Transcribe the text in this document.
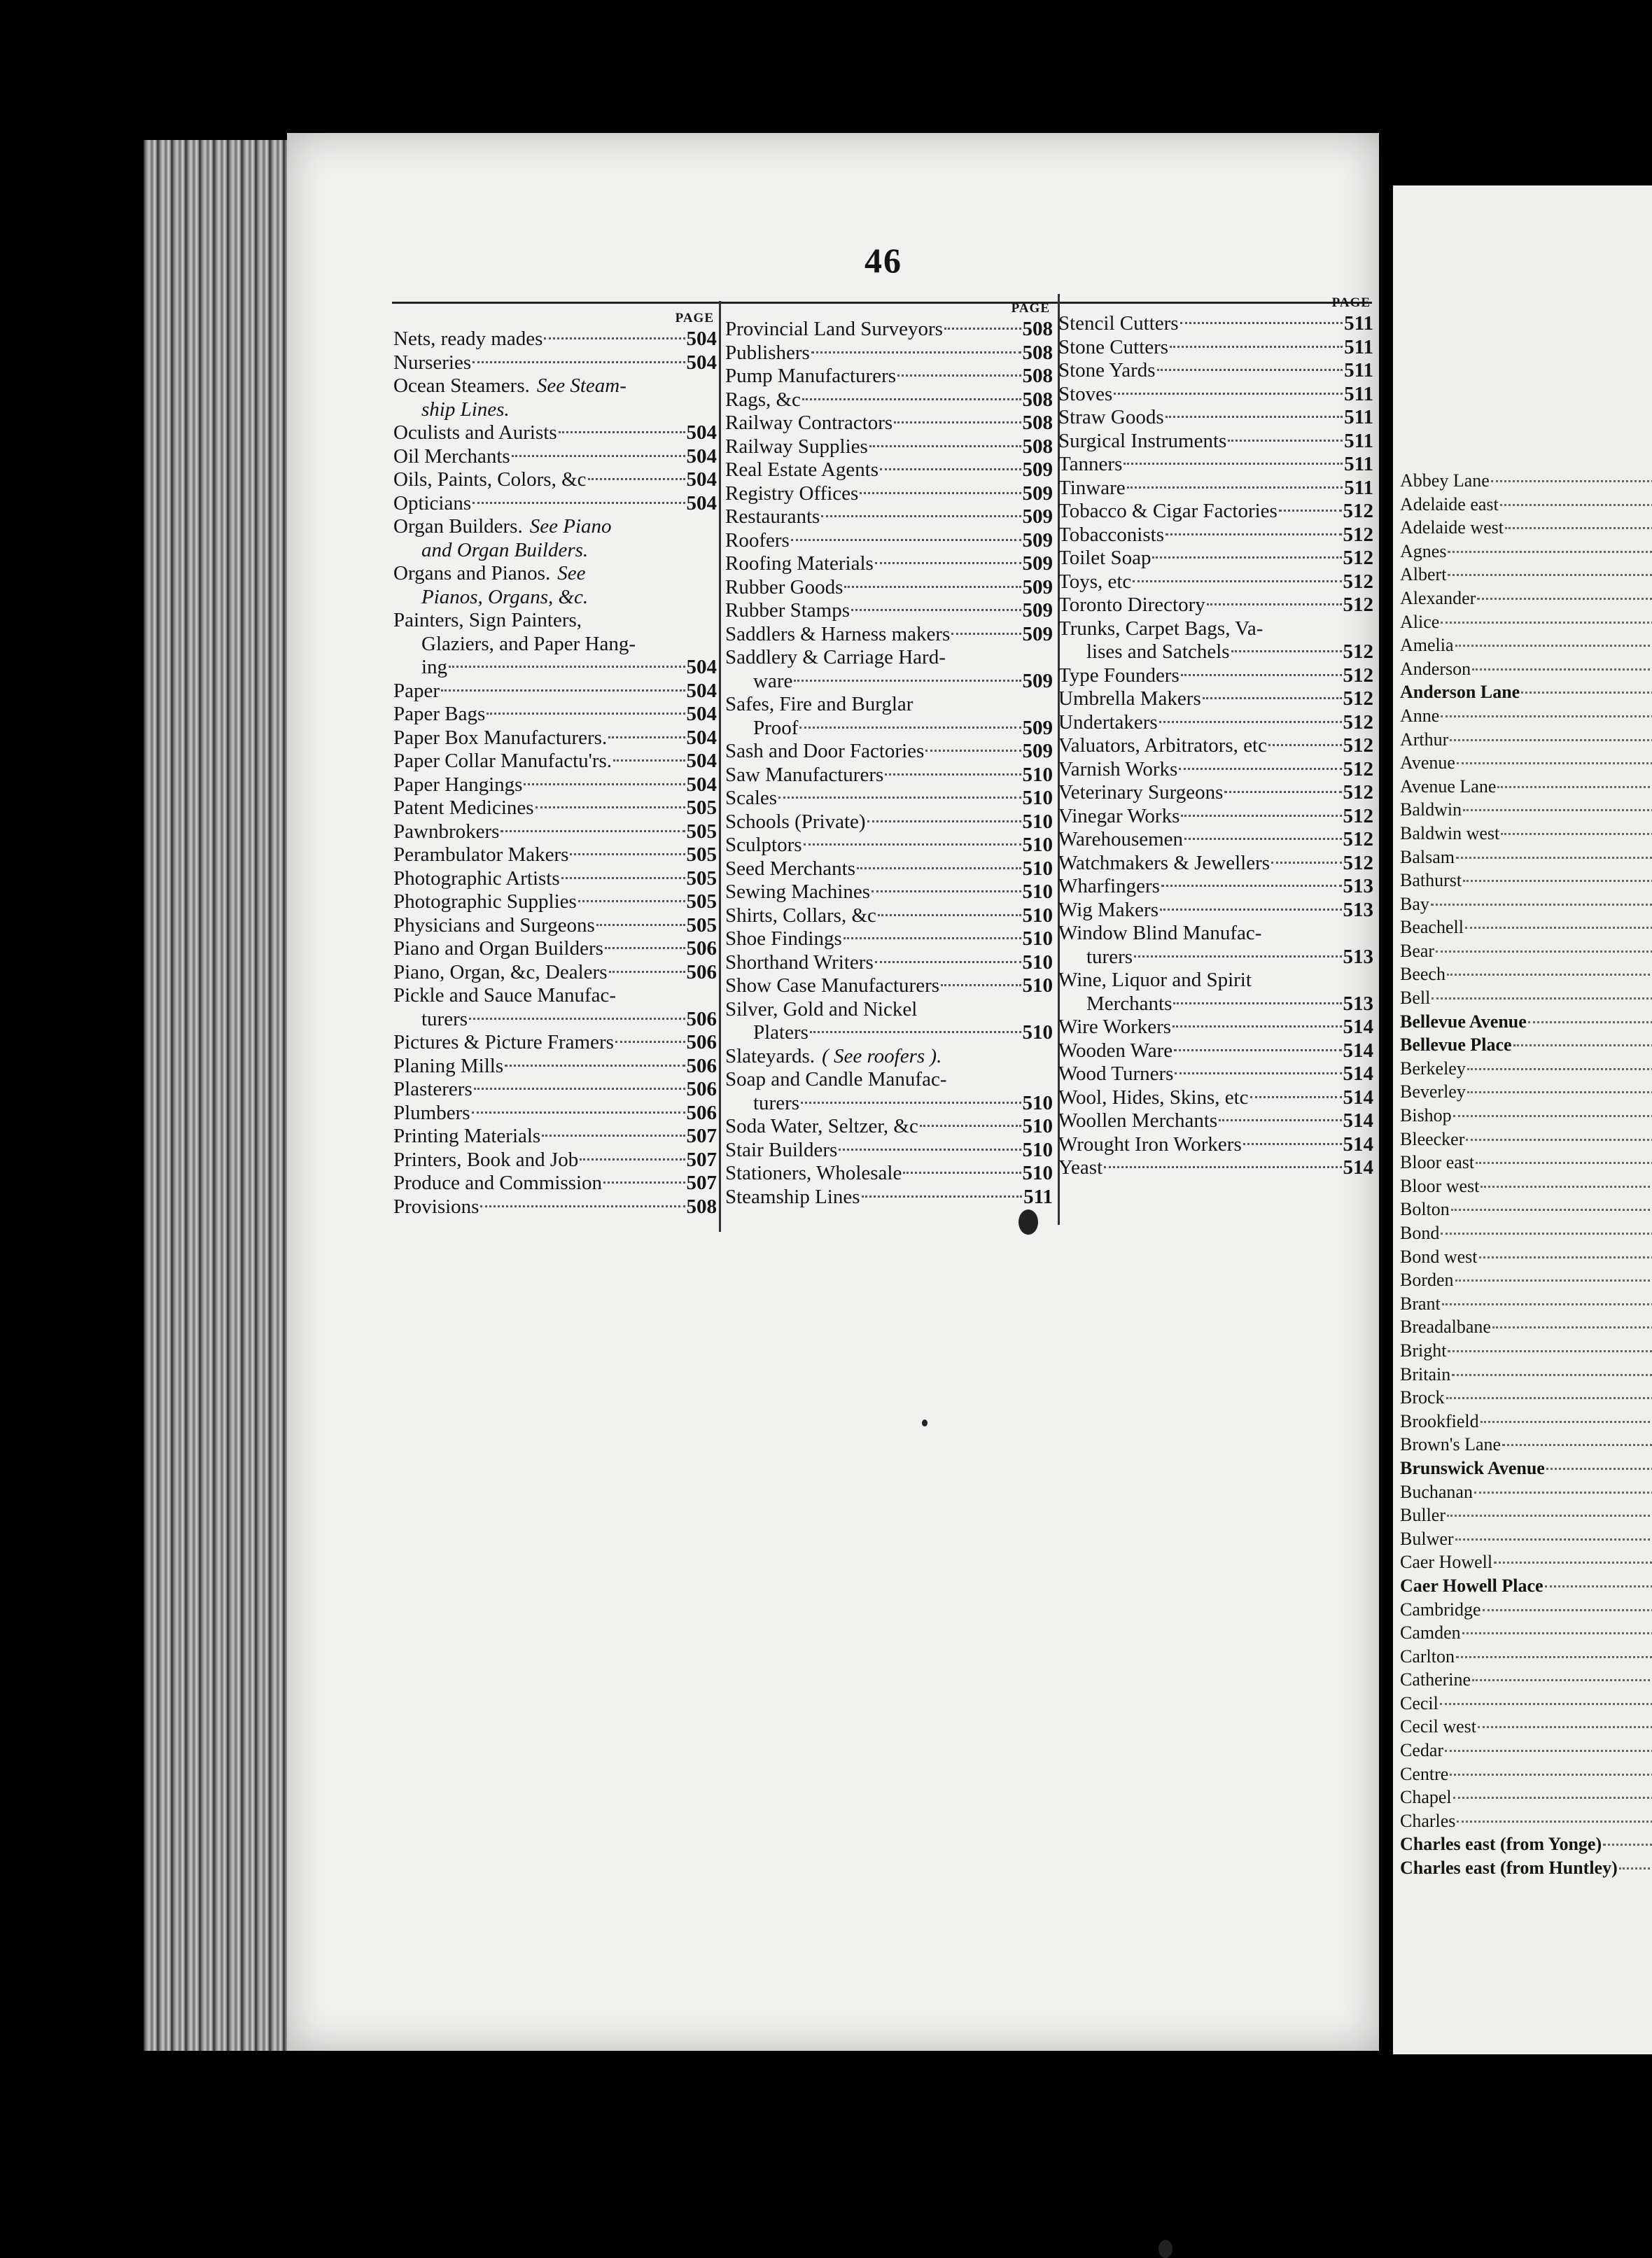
Abbey Lane
Adelaide east
Adelaide west
Agnes
Albert
Alexander
Alice
Amelia
Anderson
Anderson Lane
Anne
Arthur
Avenue
Avenue Lane
Baldwin
Baldwin west
Balsam
Bathurst
Bay
Beachell
Bear
Beech
Bell
Bellevue Avenue
Bellevue Place
Berkeley
Beverley
Bishop
Bleecker
Bloor east
Bloor west
Bolton
Bond
Bond west
Borden
Brant
Breadalbane
Bright
Britain
Brock
Brookfield
Brown's Lane
Brunswick Avenue
Buchanan
Buller
Bulwer
Caer Howell
Caer Howell Place
Cambridge
Camden
Carlton
Catherine
Cecil
Cecil west
Cedar
Centre
Chapel
Charles
Charles east (from Yonge)
Charles east (from Huntley)
46
PAGE
Nets, ready mades	504
Nurseries	504
Ocean Steamers. See Steam-
ship Lines.
Oculists and Aurists	504
Oil Merchants	504
Oils, Paints, Colors, &c	504
Opticians	504
Organ Builders. See Piano
and Organ Builders.
Organs and Pianos. See
Pianos, Organs, &c.
Painters, Sign Painters,
Glaziers, and Paper Hang-
ing	504
Paper	504
Paper Bags	504
Paper Box Manufacturers.	504
Paper Collar Manufactu'rs.	504
Paper Hangings	504
Patent Medicines	505
Pawnbrokers	505
Perambulator Makers	505
Photographic Artists	505
Photographic Supplies	505
Physicians and Surgeons	505
Piano and Organ Builders	506
Piano, Organ, &c, Dealers	506
Pickle and Sauce Manufac-
turers	506
Pictures & Picture Framers	506
Planing Mills	506
Plasterers	506
Plumbers	506
Printing Materials	507
Printers, Book and Job	507
Produce and Commission	507
Provisions	508
PAGE
Provincial Land Surveyors	508
Publishers	508
Pump Manufacturers	508
Rags, &c	508
Railway Contractors	508
Railway Supplies	508
Real Estate Agents	509
Registry Offices	509
Restaurants	509
Roofers	509
Roofing Materials	509
Rubber Goods	509
Rubber Stamps	509
Saddlers & Harness makers	509
Saddlery & Carriage Hard-
ware	509
Safes, Fire and Burglar
Proof	509
Sash and Door Factories	509
Saw Manufacturers	510
Scales	510
Schools (Private)	510
Sculptors	510
Seed Merchants	510
Sewing Machines	510
Shirts, Collars, &c	510
Shoe Findings	510
Shorthand Writers	510
Show Case Manufacturers	510
Silver, Gold and Nickel
Platers	510
Slateyards. ( See roofers ).
Soap and Candle Manufac-
turers	510
Soda Water, Seltzer, &c	510
Stair Builders	510
Stationers, Wholesale	510
Steamship Lines	511
PAGE
Stencil Cutters	511
Stone Cutters	511
Stone Yards	511
Stoves	511
Straw Goods	511
Surgical Instruments	511
Tanners	511
Tinware	511
Tobacco & Cigar Factories	512
Tobacconists	512
Toilet Soap	512
Toys, etc	512
Toronto Directory	512
Trunks, Carpet Bags, Va-
lises and Satchels	512
Type Founders	512
Umbrella Makers	512
Undertakers	512
Valuators, Arbitrators, etc	512
Varnish Works	512
Veterinary Surgeons	512
Vinegar Works	512
Warehousemen	512
Watchmakers & Jewellers	512
Wharfingers	513
Wig Makers	513
Window Blind Manufac-
turers	513
Wine, Liquor and Spirit
Merchants	513
Wire Workers	514
Wooden Ware	514
Wood Turners	514
Wool, Hides, Skins, etc	514
Woollen Merchants	514
Wrought Iron Workers	514
Yeast	514
